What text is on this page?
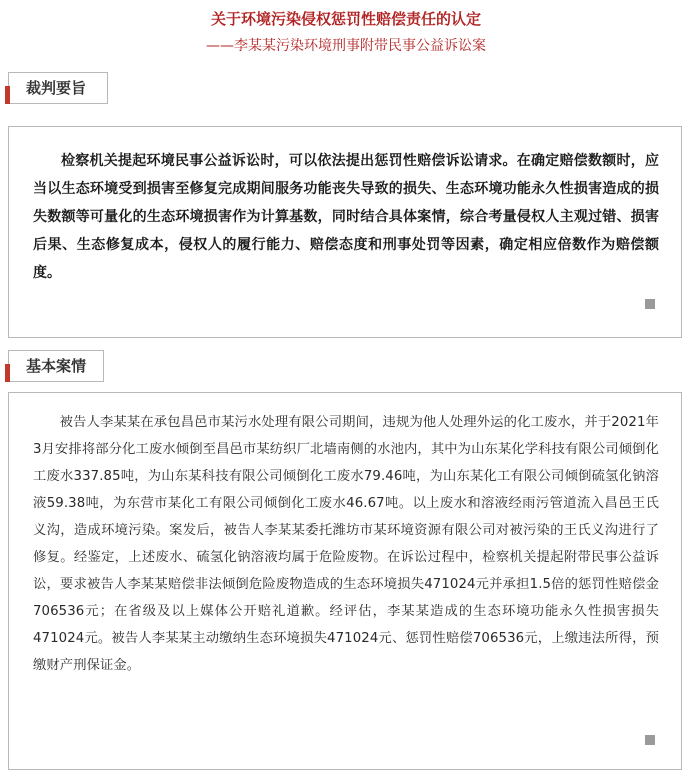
关于环境污染侵权惩罚性赔偿责任的认定
——李某某污染环境刑事附带民事公益诉讼案
裁判要旨

检察机关提起环境民事公益诉讼时，可以依法提出惩罚性赔偿诉讼请求。在确定赔偿数额时，应当以生态环境受到损害至修复完成期间服务功能丧失导致的损失、生态环境功能永久性损害造成的损失数额等可量化的生态环境损害作为计算基数，同时结合具体案情，综合考量侵权人主观过错、损害后果、生态修复成本，侵权人的履行能力、赔偿态度和刑事处罚等因素，确定相应倍数作为赔偿额度。

基本案情

被告人李某某在承包昌邑市某污水处理有限公司期间，违规为他人处理外运的化工废水，并于2021年3月安排将部分化工废水倾倒至昌邑市某纺织厂北墙南侧的水池内，其中为山东某化学科技有限公司倾倒化工废水337.85吨，为山东某科技有限公司倾倒化工废水79.46吨，为山东某化工有限公司倾倒硫氢化钠溶液59.38吨，为东营市某化工有限公司倾倒化工废水46.67吨。以上废水和溶液经雨污管道流入昌邑王氏义沟，造成环境污染。案发后，被告人李某某委托潍坊市某环境资源有限公司对被污染的王氏义沟进行了修复。经鉴定，上述废水、硫氢化钠溶液均属于危险废物。在诉讼过程中，检察机关提起附带民事公益诉讼，要求被告人李某某赔偿非法倾倒危险废物造成的生态环境损失471024元并承担1.5倍的惩罚性赔偿金706536元；在省级及以上媒体公开赔礼道歉。经评估，李某某造成的生态环境功能永久性损害损失471024元。被告人李某某主动缴纳生态环境损失471024元、惩罚性赔偿706536元，上缴违法所得，预缴财产刑保证金。
